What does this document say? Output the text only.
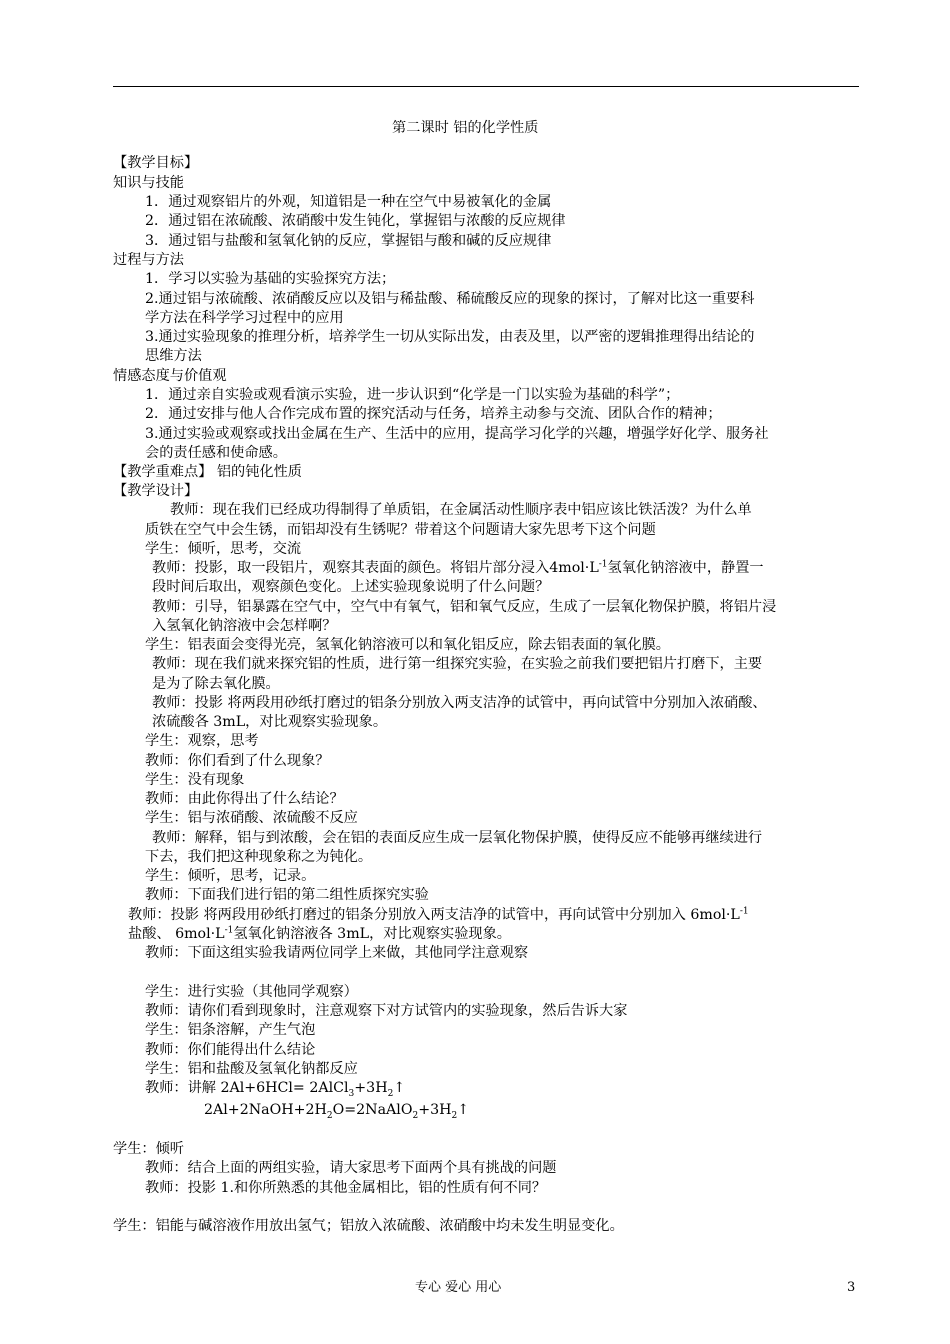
第二课时 铝的化学性质
【教学目标】
知识与技能
1．通过观察铝片的外观，知道铝是一种在空气中易被氧化的金属
2．通过铝在浓硫酸、浓硝酸中发生钝化，掌握铝与浓酸的反应规律
3．通过铝与盐酸和氢氧化钠的反应，掌握铝与酸和碱的反应规律
过程与方法
1．学习以实验为基础的实验探究方法；
2.通过铝与浓硫酸、浓硝酸反应以及铝与稀盐酸、稀硫酸反应的现象的探讨，了解对比这一重要科
学方法在科学学习过程中的应用
3.通过实验现象的推理分析，培养学生一切从实际出发，由表及里，以严密的逻辑推理得出结论的
思维方法
情感态度与价值观
1．通过亲自实验或观看演示实验，进一步认识到“化学是一门以实验为基础的科学”；
2．通过安排与他人合作完成布置的探究活动与任务，培养主动参与交流、团队合作的精神；
3.通过实验或观察或找出金属在生产、生活中的应用，提高学习化学的兴趣，增强学好化学、服务社
会的责任感和使命感。
【教学重难点】 铝的钝化性质
【教学设计】
教师：现在我们已经成功得制得了单质铝，在金属活动性顺序表中铝应该比铁活泼？为什么单
质铁在空气中会生锈，而铝却没有生锈呢？带着这个问题请大家先思考下这个问题
学生：倾听，思考，交流
教师：投影，取一段铝片，观察其表面的颜色。将铝片部分浸入$4mol\cdot L^{-1}$氢氧化钠溶液中，静置一
段时间后取出，观察颜色变化。上述实验现象说明了什么问题？
教师：引导，铝暴露在空气中，空气中有氧气，铝和氧气反应，生成了一层氧化物保护膜，将铝片浸
入氢氧化钠溶液中会怎样啊？
学生：铝表面会变得光亮，氢氧化钠溶液可以和氧化铝反应，除去铝表面的氧化膜。
教师：现在我们就来探究铝的性质，进行第一组探究实验，在实验之前我们要把铝片打磨下，主要
是为了除去氧化膜。
教师：投影 将两段用砂纸打磨过的铝条分别放入两支洁净的试管中，再向试管中分别加入浓硝酸、
浓硫酸各 3mL，对比观察实验现象。
学生：观察，思考
教师：你们看到了什么现象？
学生：没有现象
教师：由此你得出了什么结论？
学生：铝与浓硝酸、浓硫酸不反应
教师：解释，铝与到浓酸，会在铝的表面反应生成一层氧化物保护膜，使得反应不能够再继续进行
下去，我们把这种现象称之为钝化。
学生：倾听，思考，记录。
教师：下面我们进行铝的第二组性质探究实验
教师：投影 将两段用砂纸打磨过的铝条分别放入两支洁净的试管中，再向试管中分别加入 $6mol\cdot L^{-1}$
盐酸、 $6mol\cdot L^{-1}$氢氧化钠溶液各 3mL，对比观察实验现象。
教师：下面这组实验我请两位同学上来做，其他同学注意观察
学生：进行实验（其他同学观察）
教师：请你们看到现象时，注意观察下对方试管内的实验现象，然后告诉大家
学生：铝条溶解，产生气泡
教师：你们能得出什么结论
学生：铝和盐酸及氢氧化钠都反应
教师：讲解 $2Al+6HCl= 2AlCl_3+3H_2↑$
$2Al+2NaOH+2H_2O=2NaAlO_2+3H_2↑$
学生：倾听
教师：结合上面的两组实验，请大家思考下面两个具有挑战的问题
教师：投影 1.和你所熟悉的其他金属相比，铝的性质有何不同？
学生：铝能与碱溶液作用放出氢气；铝放入浓硫酸、浓硝酸中均未发生明显变化。
专心 爱心 用心	3
